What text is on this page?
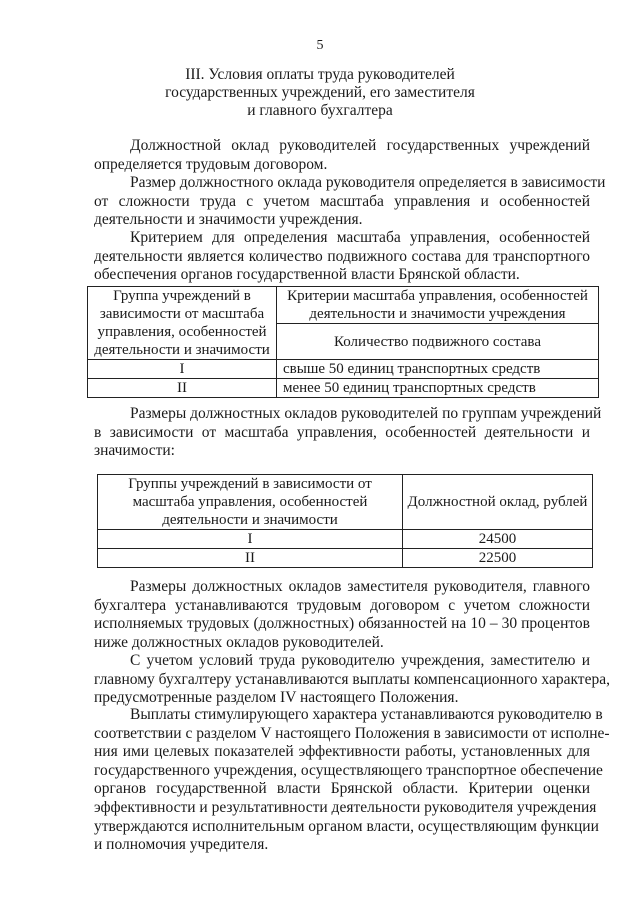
5
III. Условия оплаты труда руководителей
государственных учреждений, его заместителя
и главного бухгалтера
Должностной оклад руководителей государственных учреждений
определяется трудовым договором.
Размер должностного оклада руководителя определяется в зависимости
от сложности труда с учетом масштаба управления и особенностей
деятельности и значимости учреждения.
Критерием для определения масштаба управления, особенностей
деятельности является количество подвижного состава для транспортного
обеспечения органов государственной власти Брянской области.
Группа учреждений в
зависимости от масштаба
управления, особенностей
деятельности и значимости	Критерии масштаба управления, особенностей
деятельности и значимости учреждения

	Количество подвижного состава
I	свыше 50 единиц транспортных средств
II	менее 50 единиц транспортных средств
Размеры должностных окладов руководителей по группам учреждений
в зависимости от масштаба управления, особенностей деятельности и
значимости:
Группы учреждений в зависимости от
масштаба управления, особенностей
деятельности и значимости	Должностной оклад, рублей
I	24500
II	22500
Размеры должностных окладов заместителя руководителя, главного
бухгалтера устанавливаются трудовым договором с учетом сложности
исполняемых трудовых (должностных) обязанностей на 10 – 30 процентов
ниже должностных окладов руководителей.
С учетом условий труда руководителю учреждения, заместителю и
главному бухгалтеру устанавливаются выплаты компенсационного характера,
предусмотренные разделом IV настоящего Положения.
Выплаты стимулирующего характера устанавливаются руководителю в
соответствии с разделом V настоящего Положения в зависимости от исполне-
ния ими целевых показателей эффективности работы, установленных для
государственного учреждения, осуществляющего транспортное обеспечение
органов государственной власти Брянской области. Критерии оценки
эффективности и результативности деятельности руководителя учреждения
утверждаются исполнительным органом власти, осуществляющим функции
и полномочия учредителя.
